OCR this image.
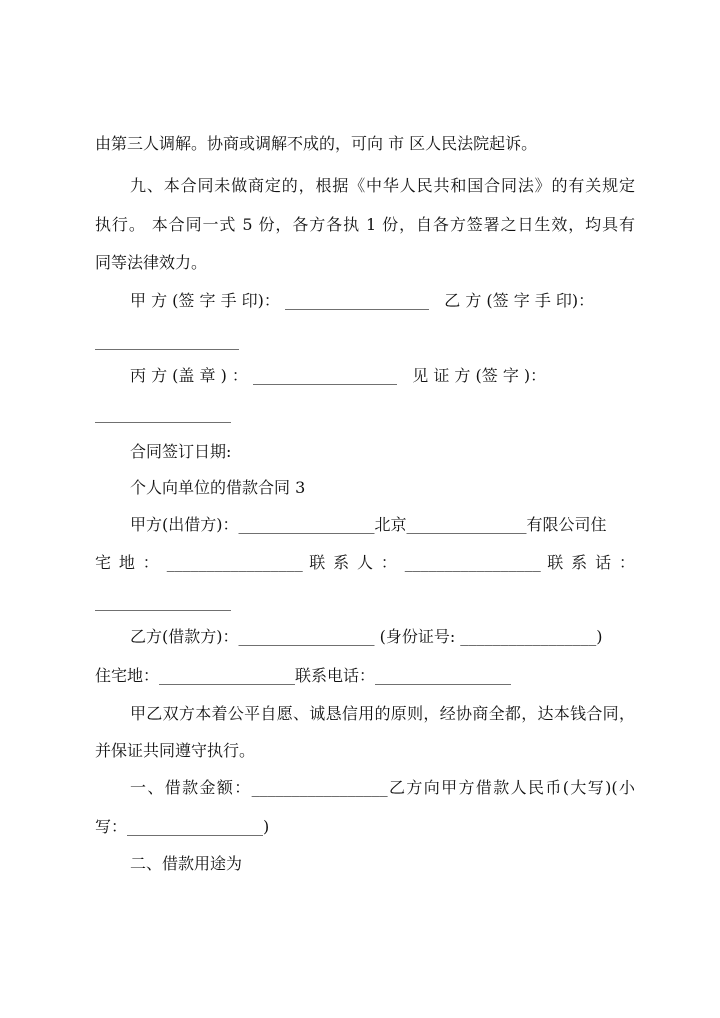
由第三人调解。协商或调解不成的，可向 市 区人民法院起诉。

九、本合同未做商定的，根据《中华人民共和国合同法》的有关规定

执行。 本合同一式 5 份，各方各执 1 份，自各方签署之日生效，均具有

同等法律效力。

甲 方 (签 字 手 印)： __________________   乙 方 (签 字 手 印)：

__________________

丙 方 (盖 章 ) ： __________________   见 证 方 (签 字 )：

_________________

合同签订日期:

个人向单位的借款合同 3

甲方(出借方)：_________________北京_______________有限公司住

宅 地 ： _________________ 联 系 人 ： _________________ 联 系 话 ：

_________________

乙方(借款方)：_________________ (身份证号: _________________)

住宅地：_________________联系电话：_________________

甲乙双方本着公平自愿、诚恳信用的原则，经协商全都，达本钱合同，

并保证共同遵守执行。

一、借款金额：_________________乙方向甲方借款人民币(大写)(小

写：_________________)

二、借款用途为
